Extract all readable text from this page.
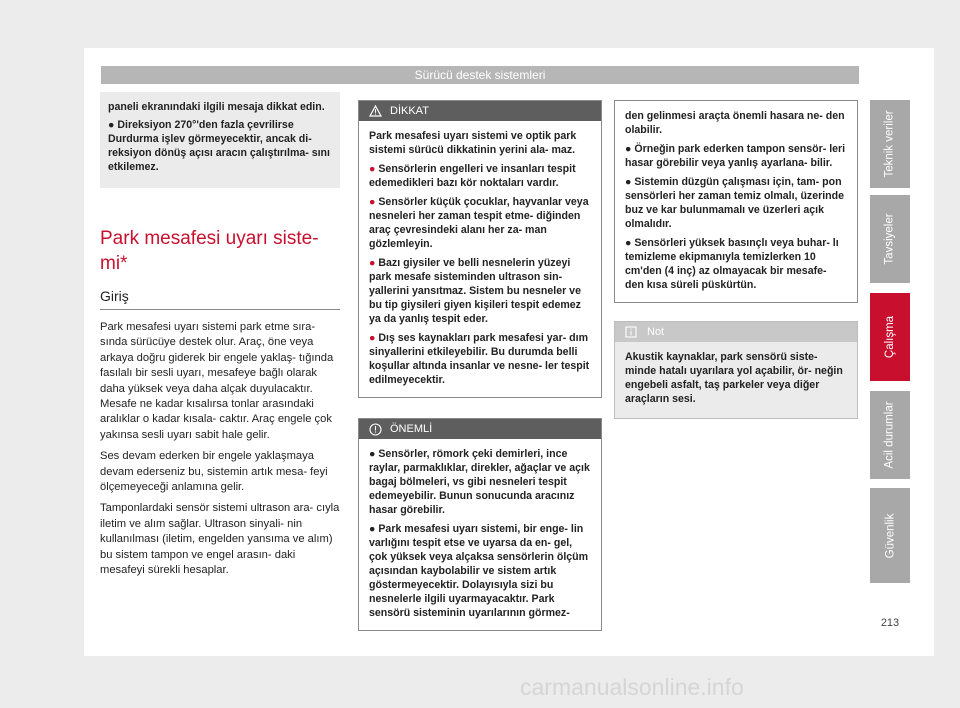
Sürücü destek sistemleri

paneli ekranındaki ilgili mesaja dikkat edin.

● Direksiyon 270°'den fazla çevrilirse Durdurma işlev görmeyecektir, ancak di- reksiyon dönüş açısı aracın çalıştırılma- sını etkilemez.

Park mesafesi uyarı siste- mi*
Giriş

Park mesafesi uyarı sistemi park etme sıra- sında sürücüye destek olur. Araç, öne veya arkaya doğru giderek bir engele yaklaş- tığında fasılalı bir sesli uyarı, mesafeye bağlı olarak daha yüksek veya daha alçak duyulacaktır. Mesafe ne kadar kısalırsa tonlar arasındaki aralıklar o kadar kısala- caktır. Araç engele çok yakınsa sesli uyarı sabit hale gelir.

Ses devam ederken bir engele yaklaşmaya devam ederseniz bu, sistemin artık mesa- feyi ölçemeyeceği anlamına gelir.

Tamponlardaki sensör sistemi ultrason ara- cıyla iletim ve alım sağlar. Ultrason sinyali- nin kullanılması (iletim, engelden yansıma ve alım) bu sistem tampon ve engel arasın- daki mesafeyi sürekli hesaplar.

DİKKAT

Park mesafesi uyarı sistemi ve optik park sistemi sürücü dikkatinin yerini ala- maz.

● Sensörlerin engelleri ve insanları tespit edemedikleri bazı kör noktaları vardır.

● Sensörler küçük çocuklar, hayvanlar veya nesneleri her zaman tespit etme- diğinden araç çevresindeki alanı her za- man gözlemleyin.

● Bazı giysiler ve belli nesnelerin yüzeyi park mesafe sisteminden ultrason sin- yallerini yansıtmaz. Sistem bu nesneler ve bu tip giysileri giyen kişileri tespit edemez ya da yanlış tespit eder.

● Dış ses kaynakları park mesafesi yar- dım sinyallerini etkileyebilir. Bu durumda belli koşullar altında insanlar ve nesne- ler tespit edilmeyecektir.

ÖNEMLİ

● Sensörler, römork çeki demirleri, ince raylar, parmaklıklar, direkler, ağaçlar ve açık bagaj bölmeleri, vs gibi nesneleri tespit edemeyebilir. Bunun sonucunda aracınız hasar görebilir.

● Park mesafesi uyarı sistemi, bir enge- lin varlığını tespit etse ve uyarsa da en- gel, çok yüksek veya alçaksa sensörlerin ölçüm açısından kaybolabilir ve sistem artık göstermeyecektir. Dolayısıyla sizi bu nesnelerle ilgili uyarmayacaktır. Park sensörü sisteminin uyarılarının görmez-

den gelinmesi araçta önemli hasara ne- den olabilir.

● Örneğin park ederken tampon sensör- leri hasar görebilir veya yanlış ayarlana- bilir.

● Sistemin düzgün çalışması için, tam- pon sensörleri her zaman temiz olmalı, üzerinde buz ve kar bulunmamalı ve üzerleri açık olmalıdır.

● Sensörleri yüksek basınçlı veya buhar- lı temizleme ekipmanıyla temizlerken 10 cm'den (4 inç) az olmayacak bir mesafe- den kısa süreli püskürtün.

Not
Akustik kaynaklar, park sensörü siste- minde hatalı uyarılara yol açabilir, ör- neğin engebeli asfalt, taş parkeler veya diğer araçların sesi.
Teknik veriler
Tavsiyeler
Çalışma
Acil durumlar
Güvenlik
213
carmanualsonline.info
